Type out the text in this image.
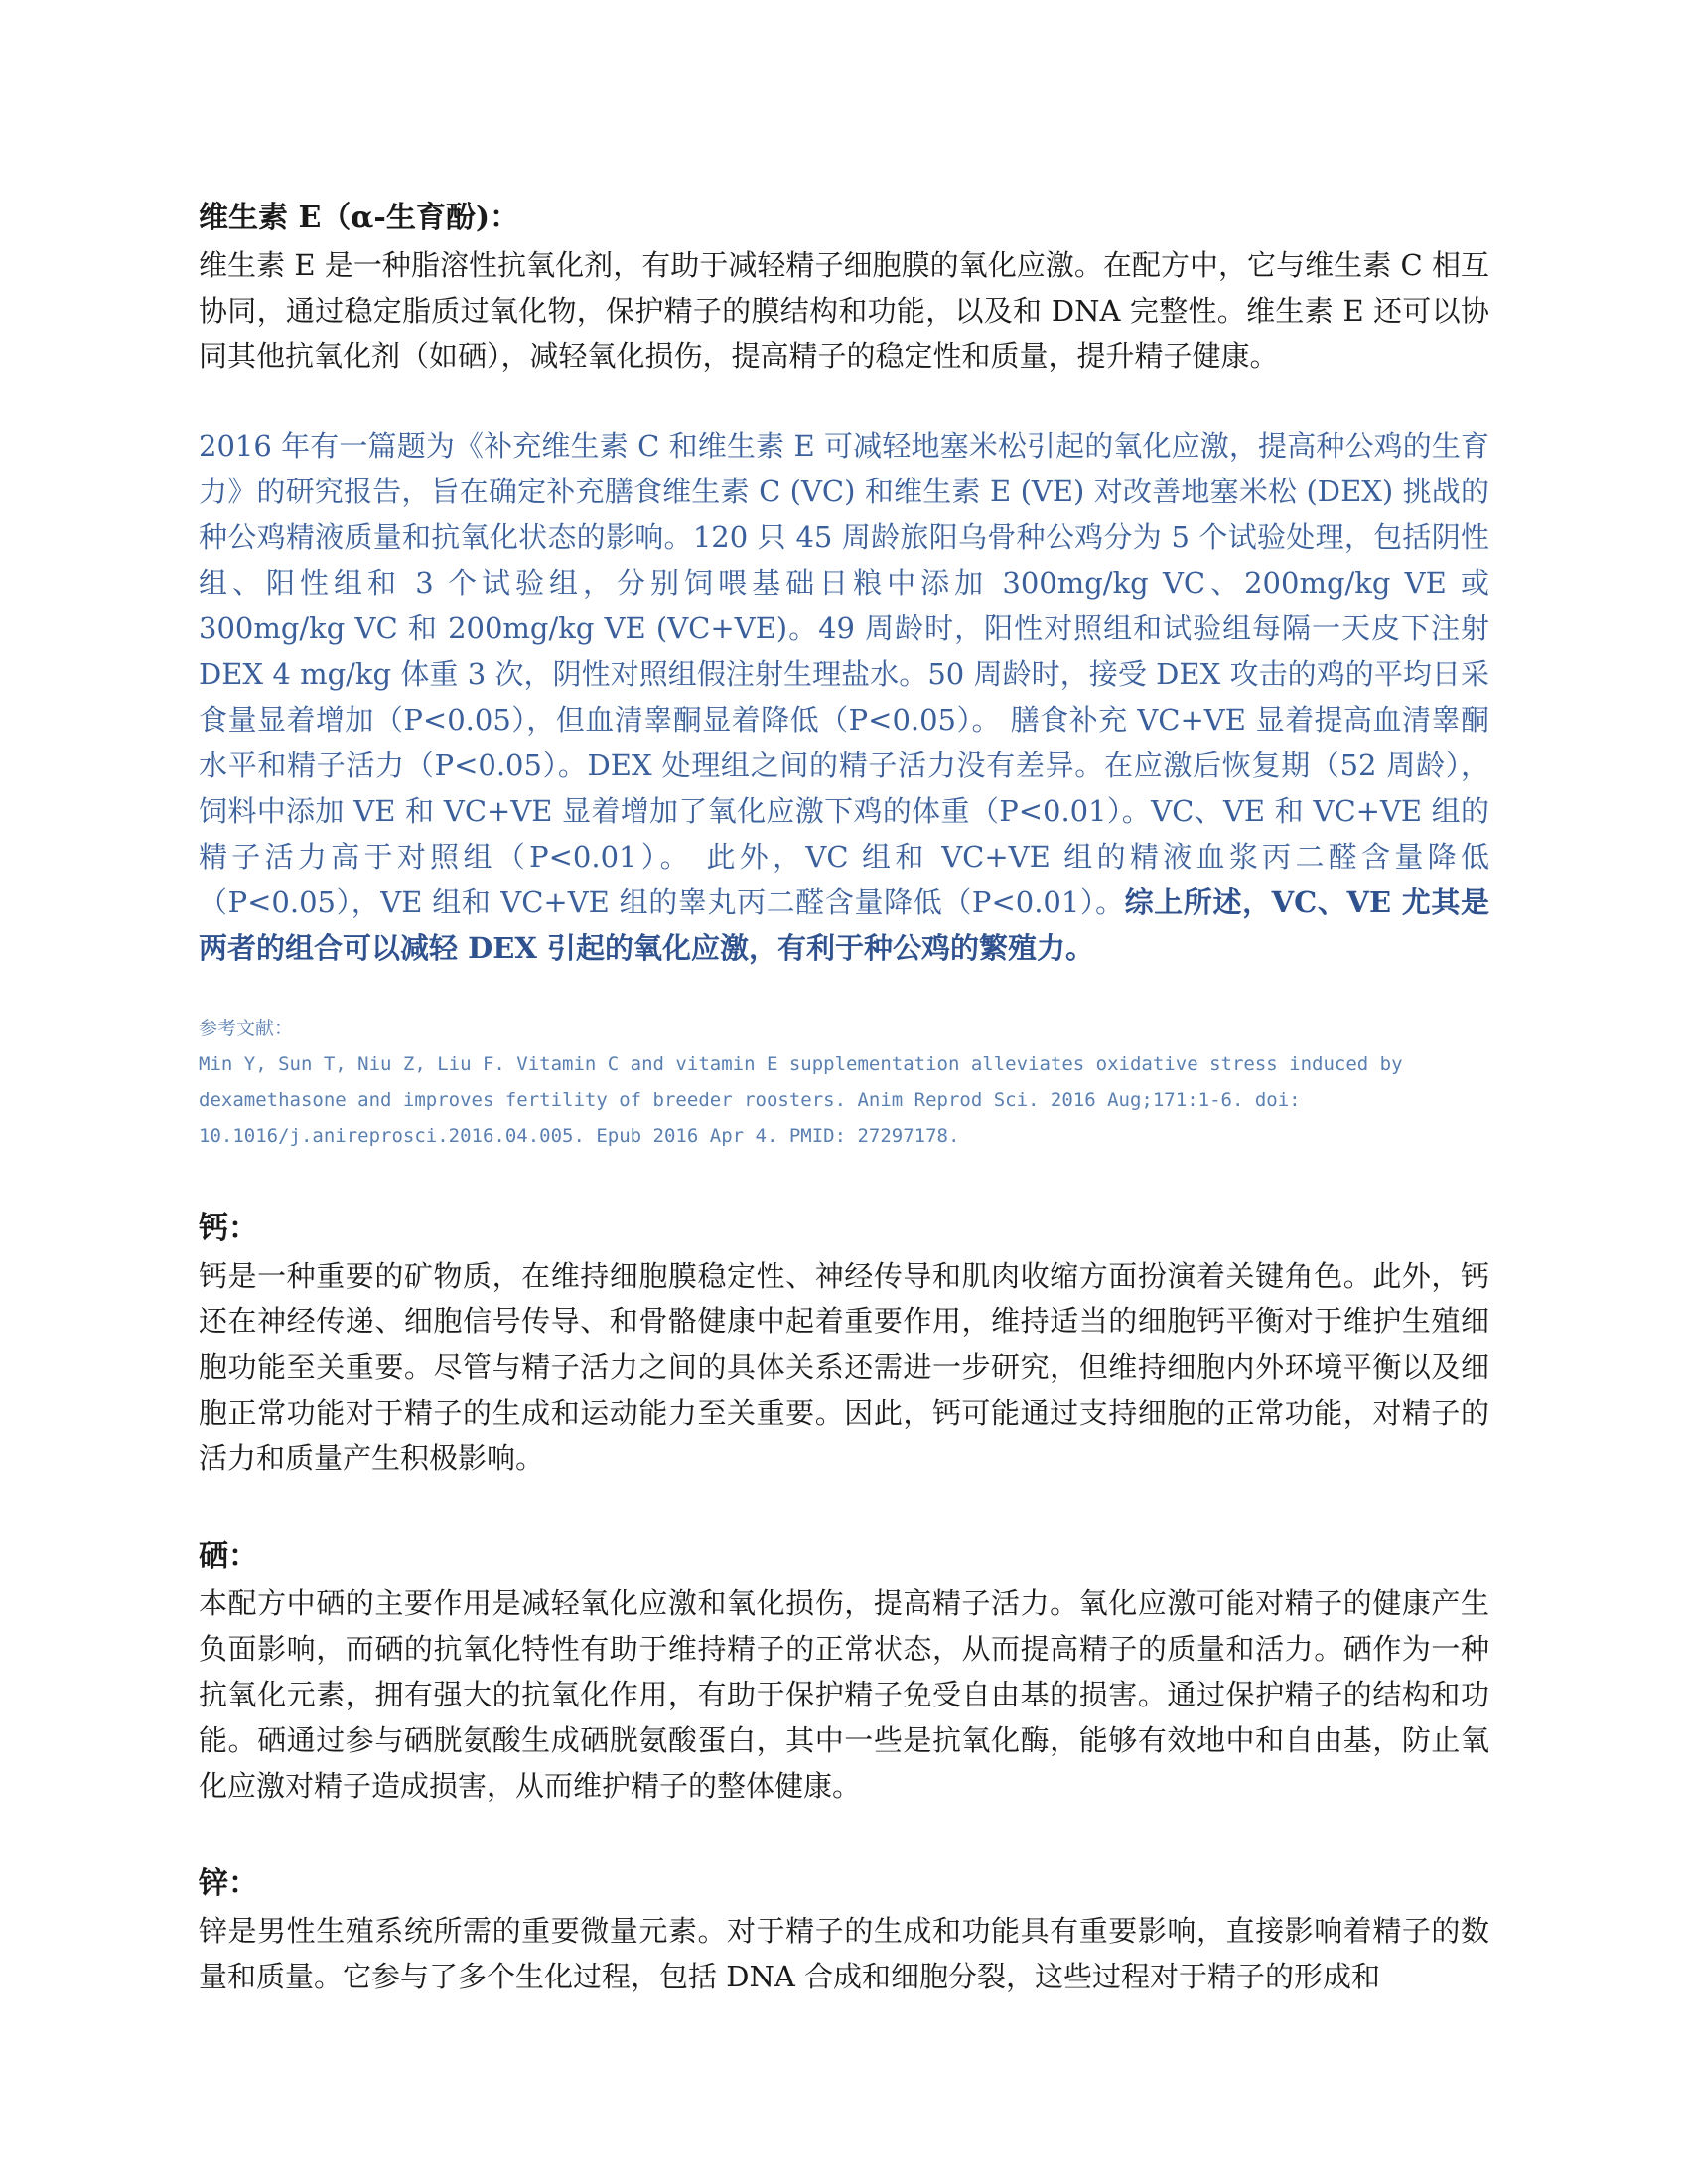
维生素 E（α-生育酚)：

维生素 E 是一种脂溶性抗氧化剂，有助于减轻精子细胞膜的氧化应激。在配方中，它与维生素 C 相互协同，通过稳定脂质过氧化物，保护精子的膜结构和功能，以及和 DNA 完整性。维生素 E 还可以协同其他抗氧化剂（如硒），减轻氧化损伤，提高精子的稳定性和质量，提升精子健康。

2016 年有一篇题为《补充维生素 C 和维生素 E 可减轻地塞米松引起的氧化应激，提高种公鸡的生育力》的研究报告，旨在确定补充膳食维生素 C (VC) 和维生素 E (VE) 对改善地塞米松 (DEX) 挑战的种公鸡精液质量和抗氧化状态的影响。120 只 45 周龄旅阳乌骨种公鸡分为 5 个试验处理，包括阴性组、阳性组和 3 个试验组，分别饲喂基础日粮中添加 300mg/kg VC、200mg/kg VE 或 300mg/kg VC 和 200mg/kg VE (VC+VE)。49 周龄时，阳性对照组和试验组每隔一天皮下注射 DEX 4 mg/kg 体重 3 次，阴性对照组假注射生理盐水。50 周龄时，接受 DEX 攻击的鸡的平均日采食量显着增加（P<0.05），但血清睾酮显着降低（P<0.05）。 膳食补充 VC+VE 显着提高血清睾酮水平和精子活力（P<0.05）。DEX 处理组之间的精子活力没有差异。在应激后恢复期（52 周龄），饲料中添加 VE 和 VC+VE 显着增加了氧化应激下鸡的体重（P<0.01）。VC、VE 和 VC+VE 组的精子活力高于对照组（P<0.01）。 此外，VC 组和 VC+VE 组的精液血浆丙二醛含量降低（P<0.05），VE 组和 VC+VE 组的睾丸丙二醛含量降低（P<0.01）。综上所述，VC、VE 尤其是两者的组合可以减轻 DEX 引起的氧化应激，有利于种公鸡的繁殖力。

参考文献：

Min Y, Sun T, Niu Z, Liu F. Vitamin C and vitamin E supplementation alleviates oxidative stress induced by dexamethasone and improves fertility of breeder roosters. Anim Reprod Sci. 2016 Aug;171:1-6. doi: 10.1016/j.anireprosci.2016.04.005. Epub 2016 Apr 4. PMID: 27297178.

钙：

钙是一种重要的矿物质，在维持细胞膜稳定性、神经传导和肌肉收缩方面扮演着关键角色。此外，钙还在神经传递、细胞信号传导、和骨骼健康中起着重要作用，维持适当的细胞钙平衡对于维护生殖细胞功能至关重要。尽管与精子活力之间的具体关系还需进一步研究，但维持细胞内外环境平衡以及细胞正常功能对于精子的生成和运动能力至关重要。因此，钙可能通过支持细胞的正常功能，对精子的活力和质量产生积极影响。

硒：

本配方中硒的主要作用是减轻氧化应激和氧化损伤，提高精子活力。氧化应激可能对精子的健康产生负面影响，而硒的抗氧化特性有助于维持精子的正常状态，从而提高精子的质量和活力。硒作为一种抗氧化元素，拥有强大的抗氧化作用，有助于保护精子免受自由基的损害。通过保护精子的结构和功能。硒通过参与硒胱氨酸生成硒胱氨酸蛋白，其中一些是抗氧化酶，能够有效地中和自由基，防止氧化应激对精子造成损害，从而维护精子的整体健康。

锌：

锌是男性生殖系统所需的重要微量元素。对于精子的生成和功能具有重要影响，直接影响着精子的数量和质量。它参与了多个生化过程，包括 DNA 合成和细胞分裂，这些过程对于精子的形成和
